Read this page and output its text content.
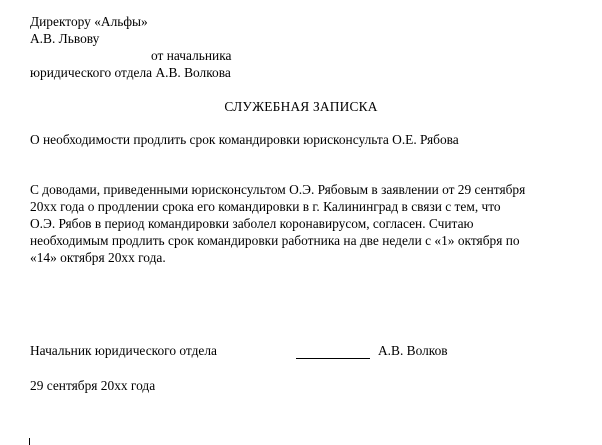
Директору «Альфы»
А.В. Львову
от начальника
юридического отдела А.В. Волкова
СЛУЖЕБНАЯ ЗАПИСКА
О необходимости продлить срок командировки юрисконсульта О.Е. Рябова
С доводами, приведенными юрисконсультом О.Э. Рябовым в заявлении от 29 сентября
20хх года о продлении срока его командировки в г. Калининград в связи с тем, что
О.Э. Рябов в период командировки заболел коронавирусом, согласен. Считаю
необходимым продлить срок командировки работника на две недели с «1» октября по
«14» октября 20хх года.
Начальник юридического отдела	А.В. Волков
29 сентября 20хх года
